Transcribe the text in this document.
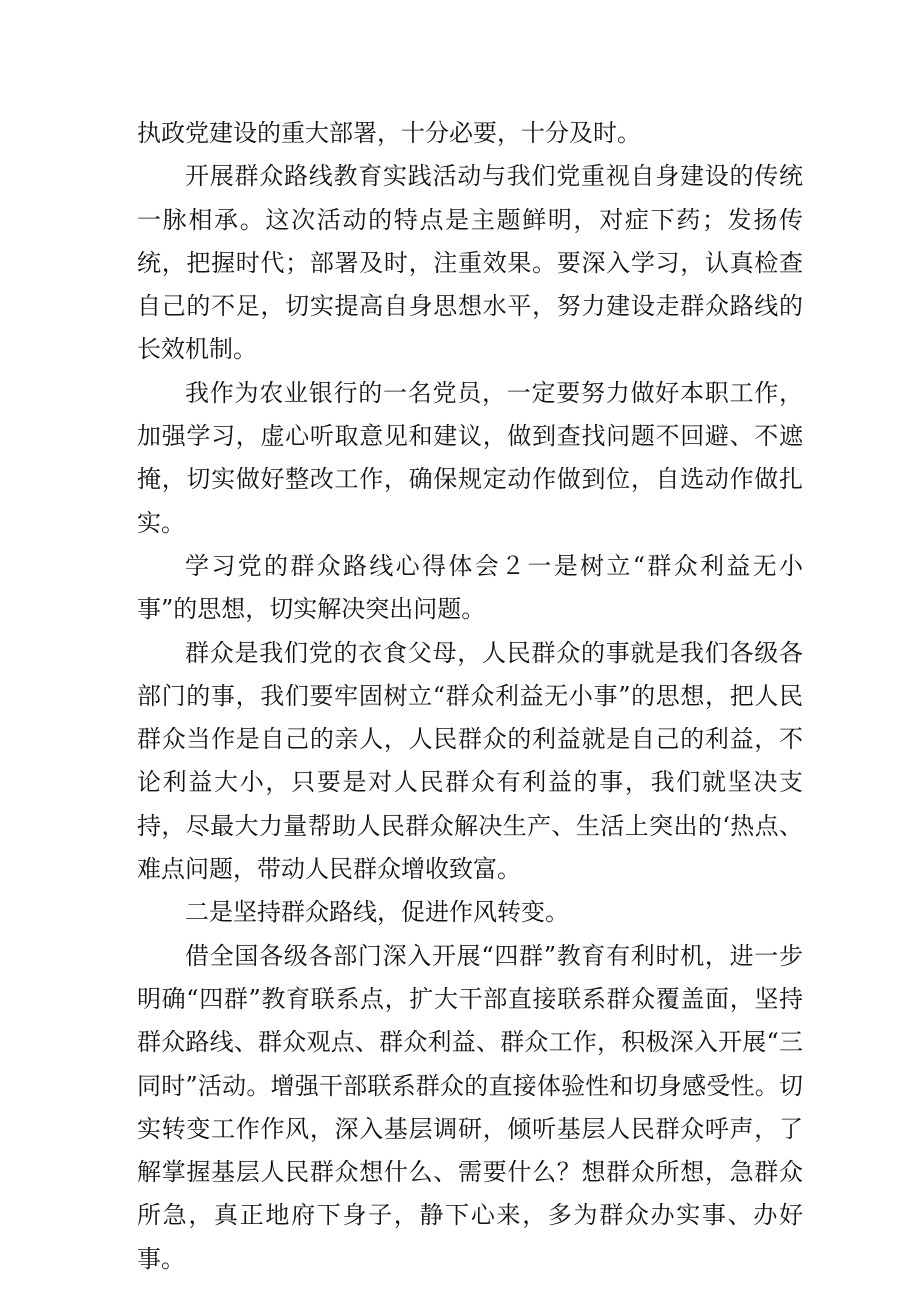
执政党建设的重大部署，十分必要，十分及时。

开展群众路线教育实践活动与我们党重视自身建设的传统一脉相承。这次活动的特点是主题鲜明，对症下药；发扬传统，把握时代；部署及时，注重效果。要深入学习，认真检查自己的不足，切实提高自身思想水平，努力建设走群众路线的长效机制。

我作为农业银行的一名党员，一定要努力做好本职工作，加强学习，虚心听取意见和建议，做到查找问题不回避、不遮掩，切实做好整改工作，确保规定动作做到位，自选动作做扎实。

学习党的群众路线心得体会２一是树立“群众利益无小事”的思想，切实解决突出问题。

群众是我们党的衣食父母，人民群众的事就是我们各级各部门的事，我们要牢固树立“群众利益无小事”的思想，把人民群众当作是自己的亲人，人民群众的利益就是自己的利益，不论利益大小，只要是对人民群众有利益的事，我们就坚决支持，尽最大力量帮助人民群众解决生产、生活上突出的‘热点、难点问题，带动人民群众增收致富。

二是坚持群众路线，促进作风转变。

借全国各级各部门深入开展“四群”教育有利时机，进一步明确“四群”教育联系点，扩大干部直接联系群众覆盖面，坚持群众路线、群众观点、群众利益、群众工作，积极深入开展“三同时”活动。增强干部联系群众的直接体验性和切身感受性。切实转变工作作风，深入基层调研，倾听基层人民群众呼声，了解掌握基层人民群众想什么、需要什么？想群众所想，急群众所急，真正地府下身子，静下心来，多为群众办实事、办好事。
